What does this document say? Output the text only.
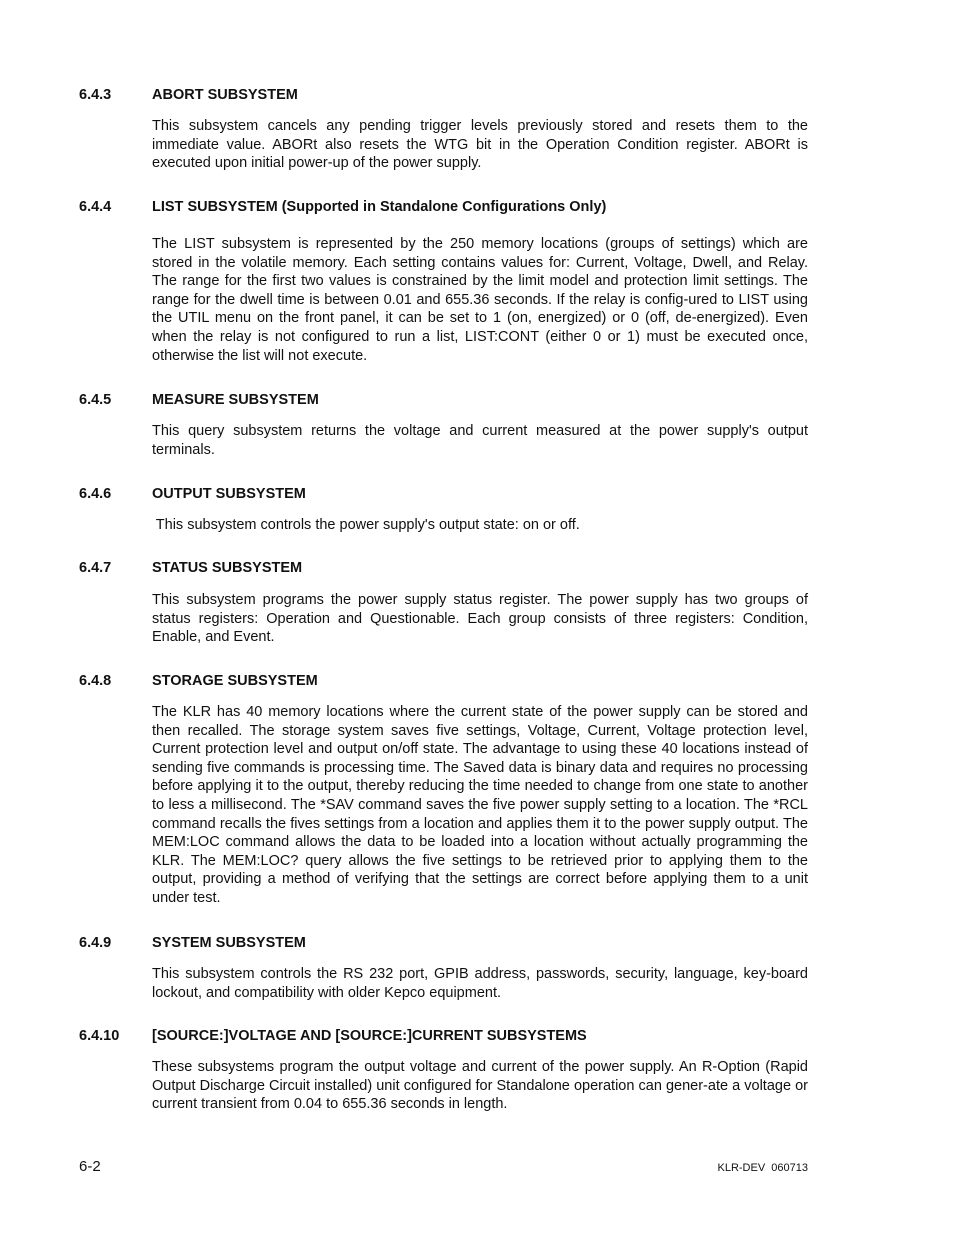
6.4.3	ABORT SUBSYSTEM
This subsystem cancels any pending trigger levels previously stored and resets them to the immediate value. ABORt also resets the WTG bit in the Operation Condition register. ABORt is executed upon initial power-up of the power supply.
6.4.4	LIST SUBSYSTEM (Supported in Standalone Configurations Only)
The LIST subsystem is represented by the 250 memory locations (groups of settings) which are stored in the volatile memory. Each setting contains values for: Current, Voltage, Dwell, and Relay. The range for the first two values is constrained by the limit model and protection limit settings. The range for the dwell time is between 0.01 and 655.36 seconds. If the relay is config-ured to LIST using the UTIL menu on the front panel, it can be set to 1 (on, energized) or 0 (off, de-energized). Even when the relay is not configured to run a list, LIST:CONT (either 0 or 1) must be executed once, otherwise the list will not execute.
6.4.5	MEASURE SUBSYSTEM
This query subsystem returns the voltage and current measured at the power supply's output terminals.
6.4.6	OUTPUT SUBSYSTEM
This subsystem controls the power supply's output state: on or off.
6.4.7	STATUS SUBSYSTEM
This subsystem programs the power supply status register. The power supply has two groups of status registers: Operation and Questionable. Each group consists of three registers: Condition, Enable, and Event.
6.4.8	STORAGE SUBSYSTEM
The KLR has 40 memory locations where the current state of the power supply can be stored and then recalled. The storage system saves five settings, Voltage, Current, Voltage protection level, Current protection level and output on/off state. The advantage to using these 40 locations instead of sending five commands is processing time. The Saved data is binary data and requires no processing before applying it to the output, thereby reducing the time needed to change from one state to another to less a millisecond. The *SAV command saves the five power supply setting to a location. The *RCL command recalls the fives settings from a location and applies them it to the power supply output. The MEM:LOC command allows the data to be loaded into a location without actually programming the KLR. The MEM:LOC? query allows the five settings to be retrieved prior to applying them to the output, providing a method of verifying that the settings are correct before applying them to a unit under test.
6.4.9	SYSTEM SUBSYSTEM
This subsystem controls the RS 232 port, GPIB address, passwords, security, language, key-board lockout, and compatibility with older Kepco equipment.
6.4.10 [SOURCE:]VOLTAGE AND [SOURCE:]CURRENT SUBSYSTEMS
These subsystems program the output voltage and current of the power supply. An R-Option (Rapid Output Discharge Circuit installed) unit configured for Standalone operation can gener-ate a voltage or current transient from 0.04 to 655.36 seconds in length.
6-2	KLR-DEV  060713
